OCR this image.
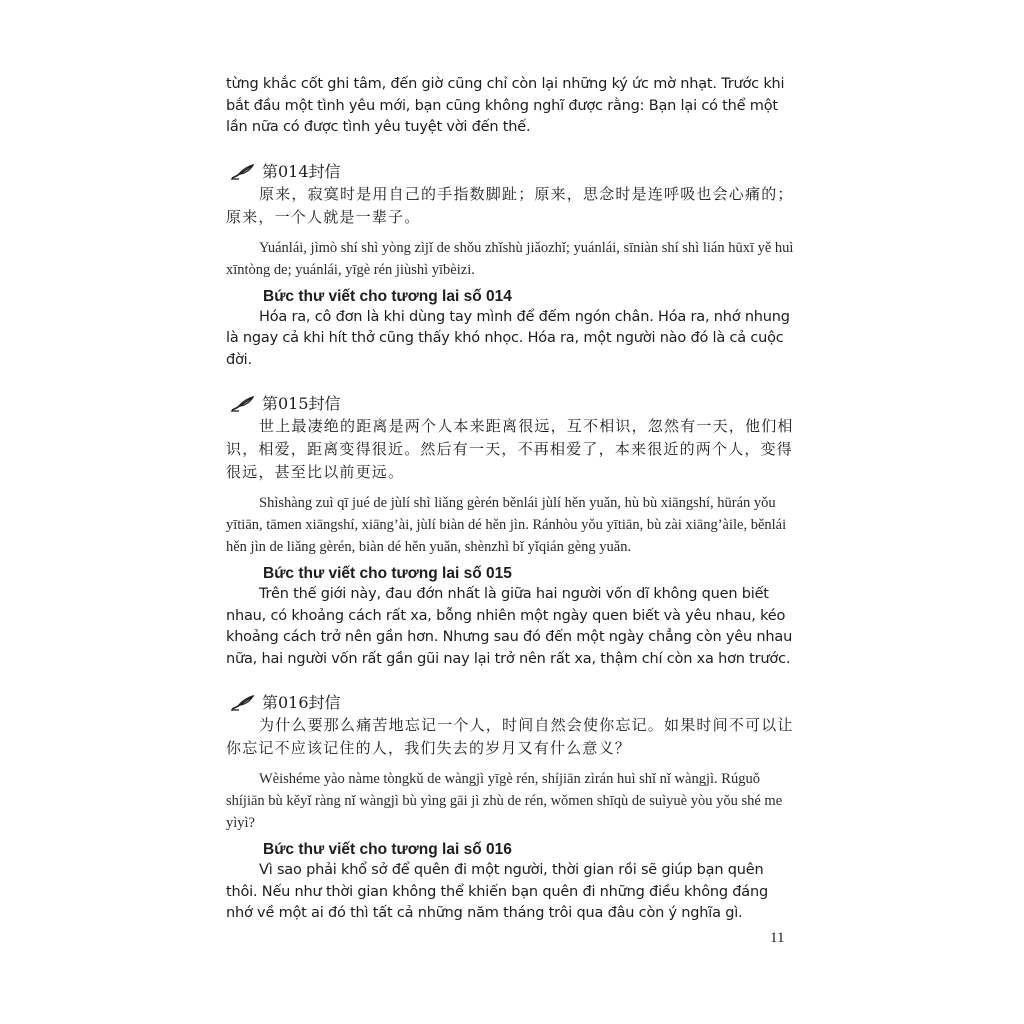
từng khắc cốt ghi tâm, đến giờ cũng chỉ còn lại những ký ức mờ nhạt. Trước khi bắt đầu một tình yêu mới, bạn cũng không nghĩ được rằng: Bạn lại có thể một lần nữa có được tình yêu tuyệt vời đến thế.

第014封信

原来，寂寞时是用自己的手指数脚趾；原来，思念时是连呼吸也会心痛的；原来，一个人就是一辈子。

Yuánlái, jìmò shí shì yòng zìjǐ de shǒu zhǐshù jiǎozhǐ; yuánlái, sīniàn shí shì lián hūxī yě huì xīntòng de; yuánlái, yīgè rén jiùshì yībèizi.

Bức thư viết cho tương lai số 014

Hóa ra, cô đơn là khi dùng tay mình để đếm ngón chân. Hóa ra, nhớ nhung là ngay cả khi hít thở cũng thấy khó nhọc. Hóa ra, một người nào đó là cả cuộc đời.

第015封信

世上最凄绝的距离是两个人本来距离很远，互不相识，忽然有一天，他们相识，相爱，距离变得很近。然后有一天，不再相爱了，本来很近的两个人，变得很远，甚至比以前更远。

Shìshàng zuì qī jué de jùlí shì liǎng gèrén běnlái jùlí hěn yuǎn, hù bù xiāngshí, hūrán yǒu yītiān, tāmen xiāngshí, xiāng’ài, jùlí biàn dé hěn jìn. Ránhòu yǒu yītiān, bù zài xiāng’àile, běnlái hěn jìn de liǎng gèrén, biàn dé hěn yuǎn, shènzhì bǐ yǐqián gèng yuǎn.

Bức thư viết cho tương lai số 015

Trên thế giới này, đau đớn nhất là giữa hai người vốn dĩ không quen biết nhau, có khoảng cách rất xa, bỗng nhiên một ngày quen biết và yêu nhau, kéo khoảng cách trở nên gần hơn. Nhưng sau đó đến một ngày chẳng còn yêu nhau nữa, hai người vốn rất gần gũi nay lại trở nên rất xa, thậm chí còn xa hơn trước.

第016封信

为什么要那么痛苦地忘记一个人，时间自然会使你忘记。如果时间不可以让你忘记不应该记住的人，我们失去的岁月又有什么意义？

Wèishéme yào nàme tòngkǔ de wàngjì yīgè rén, shíjiān zìrán huì shǐ nǐ wàngjì. Rúguǒ shíjiān bù kěyǐ ràng nǐ wàngjì bù yìng gāi jì zhù de rén, wǒmen shīqù de suìyuè yòu yǒu shé me yìyì?

Bức thư viết cho tương lai số 016

Vì sao phải khổ sở để quên đi một người, thời gian rồi sẽ giúp bạn quên thôi. Nếu như thời gian không thể khiến bạn quên đi những điều không đáng nhớ về một ai đó thì tất cả những năm tháng trôi qua đâu còn ý nghĩa gì.

11
